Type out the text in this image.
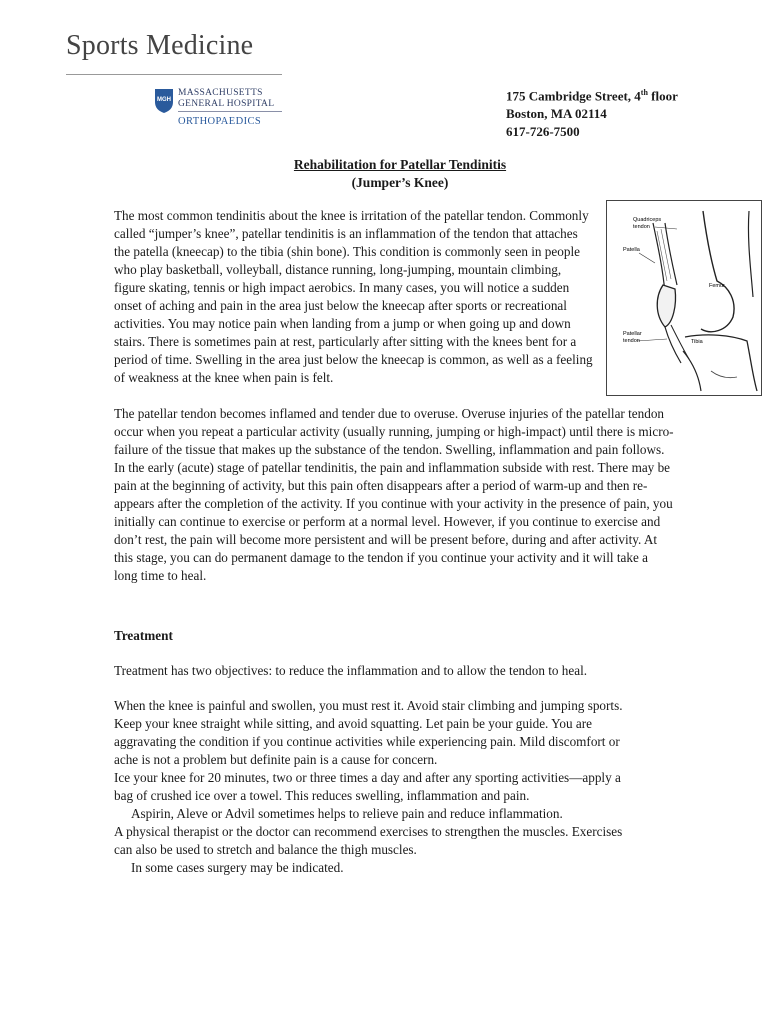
Sports Medicine
MGH
MASSACHUSETTS
GENERAL HOSPITAL
ORTHOPAEDICS
175 Cambridge Street, 4th floor
Boston, MA 02114
617-726-7500
Rehabilitation for Patellar Tendinitis
(Jumper’s Knee)
Quadriceps
tendon
Patella
Femur
Patellar
tendon	Tibia
The most common tendinitis about the knee is irritation of the patellar tendon. Commonly called “jumper’s knee”, patellar tendinitis is an inflammation of the tendon that attaches the patella (kneecap) to the tibia (shin bone). This condition is commonly seen in people who play basketball, volleyball, distance running, long-jumping, mountain climbing, figure skating, tennis or high impact aerobics. In many cases, you will notice a sudden onset of aching and pain in the area just below the kneecap after sports or recreational activities. You may notice pain when landing from a jump or when going up and down stairs. There is sometimes pain at rest, particularly after sitting with the knees bent for a period of time. Swelling in the area just below the kneecap is common, as well as a feeling of weakness at the knee when pain is felt.
The patellar tendon becomes inflamed and tender due to overuse. Overuse injuries of the patellar tendon occur when you repeat a particular activity (usually running, jumping or high-impact) until there is micro-failure of the tissue that makes up the substance of the tendon. Swelling, inflammation and pain follows. In the early (acute) stage of patellar tendinitis, the pain and inflammation subside with rest. There may be pain at the beginning of activity, but this pain often disappears after a period of warm-up and then re-appears after the completion of the activity. If you continue with your activity in the presence of pain, you initially can continue to exercise or perform at a normal level. However, if you continue to exercise and don’t rest, the pain will become more persistent and will be present before, during and after activity. At this stage, you can do permanent damage to the tendon if you continue your activity and it will take a long time to heal.
Treatment
Treatment has two objectives: to reduce the inflammation and to allow the tendon to heal.
When the knee is painful and swollen, you must rest it. Avoid stair climbing and jumping sports.
Keep your knee straight while sitting, and avoid squatting. Let pain be your guide. You are
aggravating the condition if you continue activities while experiencing pain. Mild discomfort or
ache is not a problem but definite pain is a cause for concern.
Ice your knee for 20 minutes, two or three times a day and after any sporting activities—apply a
bag of crushed ice over a towel. This reduces swelling, inflammation and pain.
Aspirin, Aleve or Advil sometimes helps to relieve pain and reduce inflammation.
A physical therapist or the doctor can recommend exercises to strengthen the muscles. Exercises
can also be used to stretch and balance the thigh muscles.
In some cases surgery may be indicated.
